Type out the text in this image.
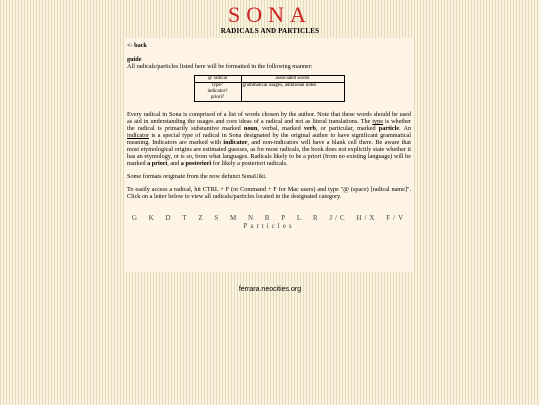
SONA
RADICALS AND PARTICLES
<- back
guide
All radicals/particles listed here will be formatted in the following manner:
@ radical	associated words

type?
indicator?
priori?	grammatical usages, additional notes

Every radical in Sona is comprised of a list of words chosen by the author. Note that these words should be used as aid in understanding the usages and core ideas of a radical and not as literal translations. The type is whether the radical is primarily substantive marked noun, verbal, marked verb, or particular, marked particle. An indicator is a special type of radical in Sona designated by the original author to have significant grammatical meaning. Indicators are marked with indicator, and non-indicators will have a blank cell there. Be aware that most etymological origins are estimated guesses, as for most radicals, the book does not explicitly state whether it has an etymology, or is so, from what languages. Radicals likely to be a priori (from no existing language) will be marked a priori, and a posteriori for likely a posteriori radicals.

Some formats originate from the now defunct SonaUiki.

To easily access a radical, hit CTRL + F (or Command + F for Mac users) and type "@ (space) [radical name]". Click on a letter below to view all radicals/particles located in the designated category.

G K D T Z S M N B P L R J/C H/X F/V Particles
ferrara.neocities.org
